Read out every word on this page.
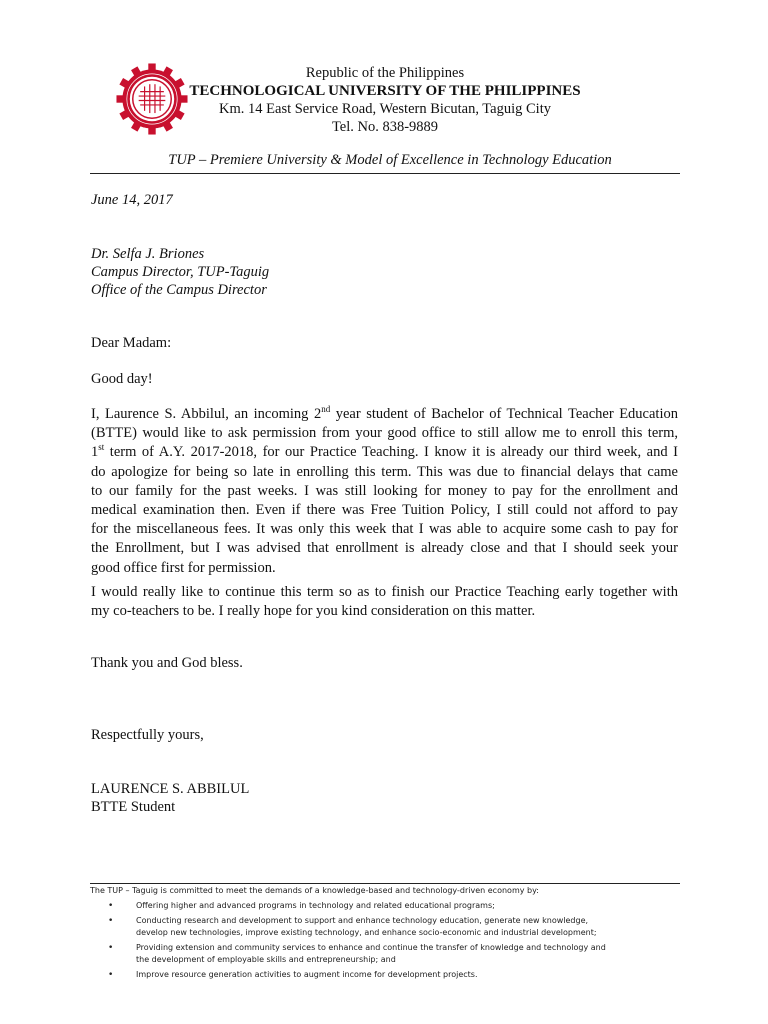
Republic of the Philippines
TECHNOLOGICAL UNIVERSITY OF THE PHILIPPINES
Km. 14 East Service Road, Western Bicutan, Taguig City
Tel. No. 838-9889
TUP – Premiere University & Model of Excellence in Technology Education
June 14, 2017
Dr. Selfa J. Briones
Campus Director, TUP-Taguig
Office of the Campus Director
Dear Madam:
Good day!
I, Laurence S. Abbilul, an incoming 2nd year student of Bachelor of Technical Teacher Education
(BTTE) would like to ask permission from your good office to still allow me to enroll this term,
1st term of A.Y. 2017-2018, for our Practice Teaching. I know it is already our third week, and I
do apologize for being so late in enrolling this term. This was due to financial delays that came
to our family for the past weeks. I was still looking for money to pay for the enrollment and
medical examination then. Even if there was Free Tuition Policy, I still could not afford to pay
for the miscellaneous fees. It was only this week that I was able to acquire some cash to pay for
the Enrollment, but I was advised that enrollment is already close and that I should seek your
good office first for permission.
I would really like to continue this term so as to finish our Practice Teaching early together with
my co-teachers to be. I really hope for you kind consideration on this matter.
Thank you and God bless.
Respectfully yours,
LAURENCE S. ABBILUL
BTTE Student
The TUP – Taguig is committed to meet the demands of a knowledge-based and technology-driven economy by:
•	Offering higher and advanced programs in technology and related educational programs;
•	Conducting research and development to support and enhance technology education, generate new knowledge,
develop new technologies, improve existing technology, and enhance socio-economic and industrial development;
•	Providing extension and community services to enhance and continue the transfer of knowledge and technology and
the development of employable skills and entrepreneurship; and
•	Improve resource generation activities to augment income for development projects.
